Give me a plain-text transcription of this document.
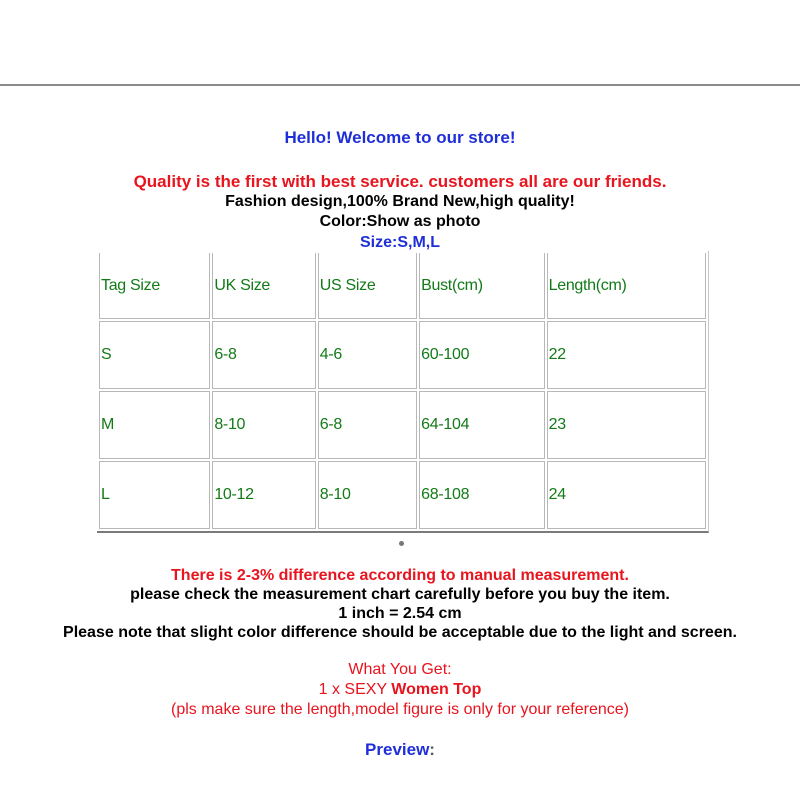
Hello! Welcome to our store!
Quality is the first with best service. customers all are our friends.
Fashion design,100% Brand New,high quality!
Color:Show as photo
Size:S,M,L
Tag Size	UK Size	US Size	Bust(cm)	Length(cm)
S	6-8	4-6	60-100	22
M	8-10	6-8	64-104	23
L	10-12	8-10	68-108	24
There is 2-3% difference according to manual measurement.
please check the measurement chart carefully before you buy the item.
1 inch = 2.54 cm
Please note that slight color difference should be acceptable due to the light and screen.
What You Get:
1 x SEXY Women Top
(pls make sure the length,model figure is only for your reference)
Preview:
